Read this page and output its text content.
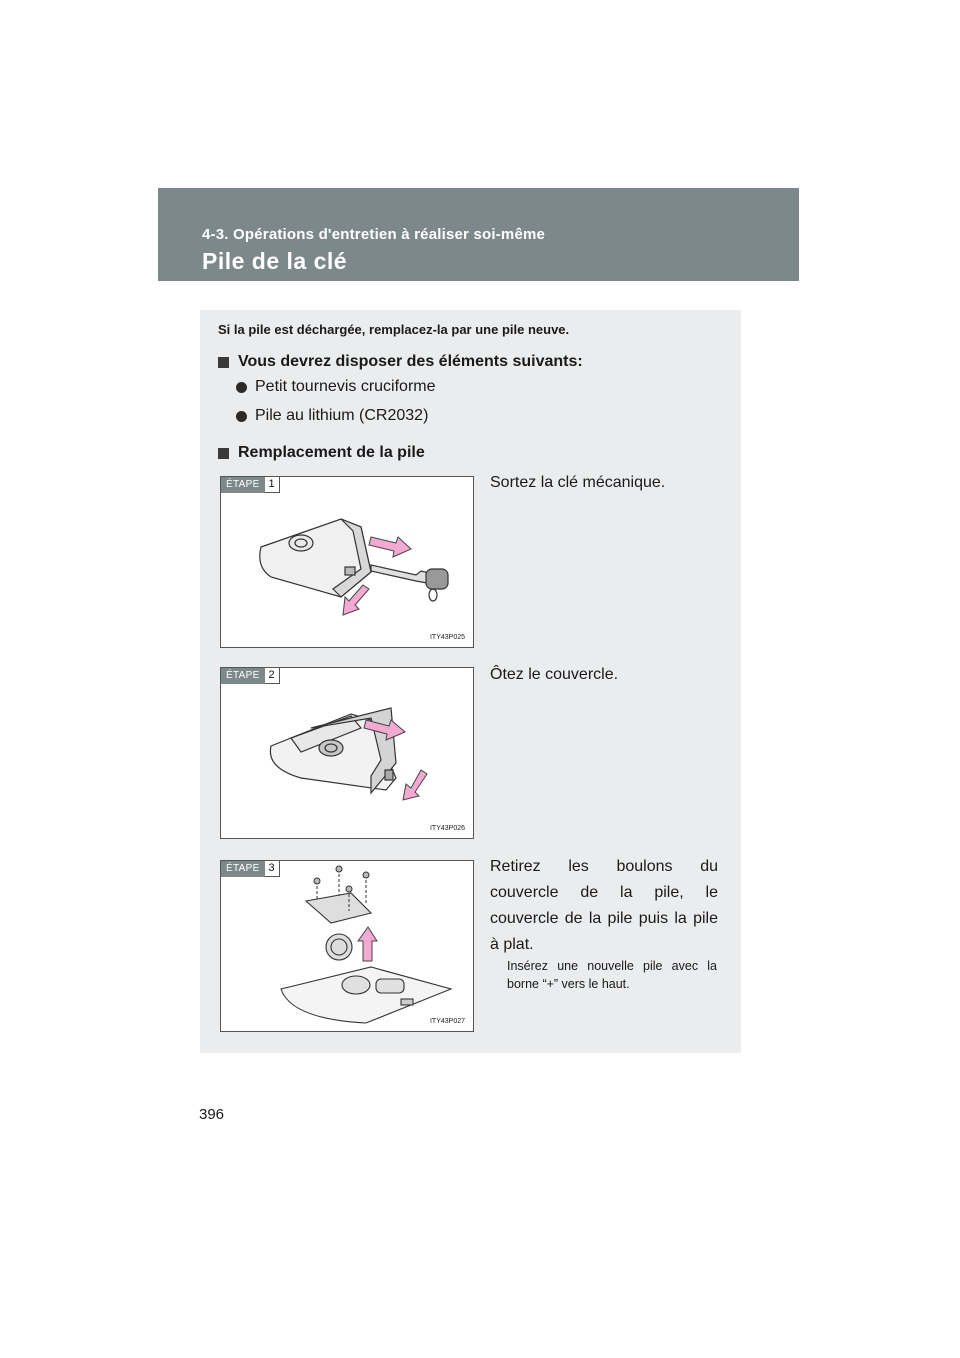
4-3. Opérations d'entretien à réaliser soi-même
Pile de la clé
Si la pile est déchargée, remplacez-la par une pile neuve.
Vous devrez disposer des éléments suivants:
Petit tournevis cruciforme
Pile au lithium (CR2032)
Remplacement de la pile
ÉTAPE 1
ITY43P025
Sortez la clé mécanique.
ÉTAPE 2
ITY43P026
Ôtez le couvercle.
ÉTAPE 3
ITY43P027
Retirez les boulons du couvercle de la pile, le couvercle de la pile puis la pile à plat.
Insérez une nouvelle pile avec la borne “+” vers le haut.
396
